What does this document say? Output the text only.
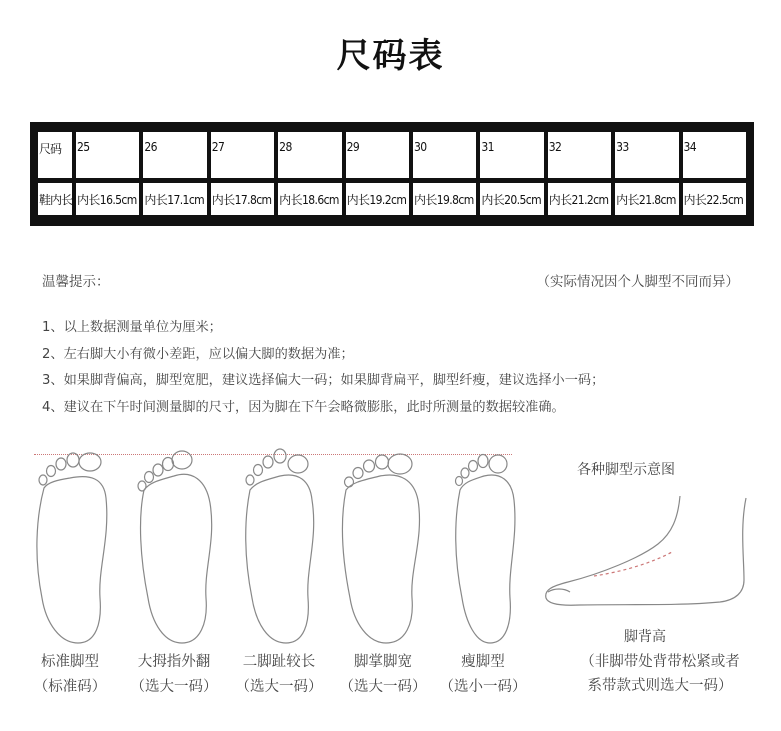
尺码表
尺码	25	26	27	28	29	30	31	32	33	34
鞋内长	内长16.5cm	内长17.1cm	内长17.8cm	内长18.6cm	内长19.2cm	内长19.8cm	内长20.5cm	内长21.2cm	内长21.8cm	内长22.5cm
温馨提示：	（实际情况因个人脚型不同而异）
1、以上数据测量单位为厘米；
2、左右脚大小有微小差距，应以偏大脚的数据为准；
3、如果脚背偏高，脚型宽肥，建议选择偏大一码；如果脚背扁平，脚型纤瘦，建议选择小一码；
4、建议在下午时间测量脚的尺寸，因为脚在下午会略微膨胀，此时所测量的数据较准确。
标准脚型
（标准码）
大拇指外翻
（选大一码）
二脚趾较长
（选大一码）
脚掌脚宽
（选大一码）
瘦脚型
（选小一码）
各种脚型示意图
脚背高
（非脚带处背带松紧或者
系带款式则选大一码）
